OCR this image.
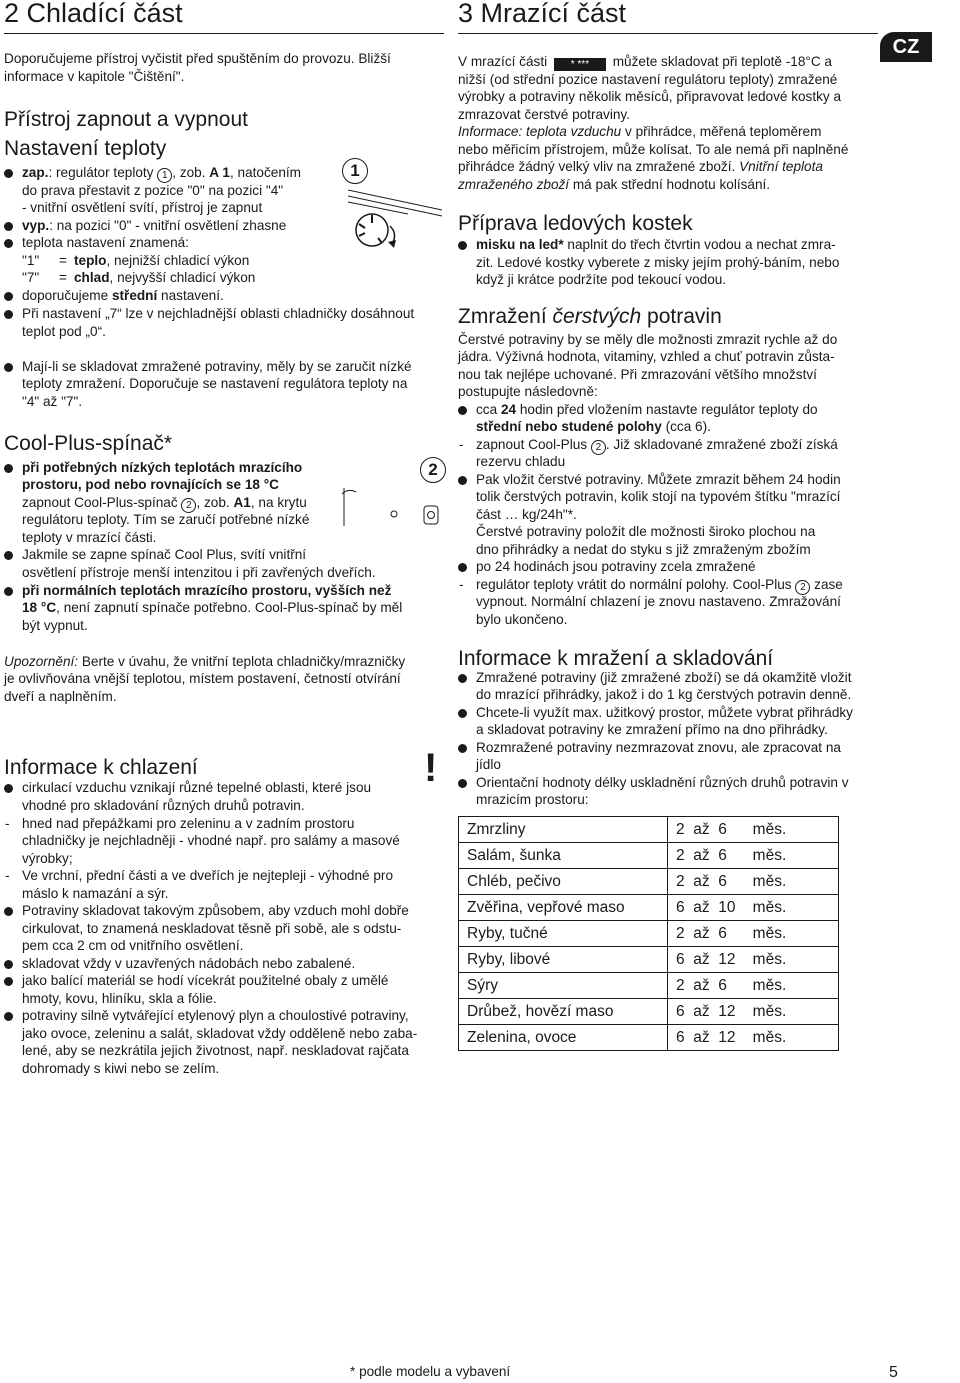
2 Chladící část
Doporučujeme přístroj vyčistit před spuštěním do provozu. Bližší informace v kapitole "Čištění".
Přístroj zapnout a vypnout
Nastavení teploty
1
zap.: regulátor teploty 1 , zob. A 1, natočením
do prava přestavit z pozice "0" na pozici "4"
- vnitřní osvětlení svítí, přístroj je zapnut
vyp.: na pozici "0" - vnitřní osvětlení zhasne
teplota nastavení znamená:
"1" = teplo, nejnižší chladicí výkon
"7" = chlad, nejvyšší chladicí výkon
doporučujeme střední nastavení.
Při nastavení „7“ lze v nejchladnější oblasti chladničky dosáhnout
teplot pod „0“.
Mají-li se skladovat zmražené potraviny, měly by se zaručit nízké
teploty zmražení. Doporučuje se nastavení regulátora teploty na
"4" až "7".
Cool-Plus-spínač*
2
při potřebných nízkých teplotách mrazícího
prostoru, pod nebo rovnajících se 18 °C
zapnout Cool-Plus-spínač 2 , zob. A1, na krytu
regulátoru teploty. Tím se zaručí potřebné nízké
teploty v mrazící části.
Jakmile se zapne spínač Cool Plus, svítí vnitřní
osvětlení přístroje menší intenzitou i při zavřených dveřích.
při normálních teplotách mrazícího prostoru, vyšších než
18 °C, není zapnutí spínače potřebno. Cool-Plus-spínač by měl
být vypnut.
Upozornění: Berte v úvahu, že vnitřní teplota chladničky/mrazničky
je ovlivňována vnější teplotou, místem postavení, četností otvírání
dveří a naplněním.
Informace k chlazení
cirkulací vzduchu vznikají různé tepelné oblasti, které jsou
vhodné pro skladování různých druhů potravin.
- hned nad přepážkami pro zeleninu a v zadním prostoru
chladničky je nejchladněji - vhodné např. pro salámy a masové
výrobky;
- Ve vrchní, přední části a ve dveřích je nejtepleji - výhodné pro
máslo k namazání a sýr.
Potraviny skladovat takovým způsobem, aby vzduch mohl dobře
cirkulovat, to znamená neskladovat těsně při sobě, ale s odstu-
pem cca 2 cm od vnitřního osvětlení.
skladovat vždy v uzavřených nádobách nebo zabalené.
jako balící materiál se hodí vícekrát použitelné obaly z umělé
hmoty, kovu, hliníku, skla a fólie.
potraviny silně vytvářející etylenový plyn a choulostivé potraviny,
jako ovoce, zeleninu a salát, skladovat vždy odděleně nebo zaba-
lené, aby se nezkrátila jejich životnost, např. neskladovat rajčata
dohromady s kiwi nebo se zelím.
!
3 Mrazící část
V mrazící části * *** můžete skladovat při teplotě -18°C a
nižší (od střední pozice nastavení regulátoru teploty) zmražené
výrobky a potraviny několik měsíců, připravovat ledové kostky a
zmrazovat čerstvé potraviny.
Informace: teplota vzduchu v přihrádce, měřená teploměrem
nebo měřicím přístrojem, může kolísat. To ale nemá při naplněné
přihrádce žádný velký vliv na zmražené zboží. Vnitřní teplota
zmraženého zboží má pak střední hodnotu kolísání.
Příprava ledových kostek
misku na led* naplnit do třech čtvrtin vodou a nechat zmra-
zit. Ledové kostky vyberete z misky jejím prohý-báním, nebo
když ji krátce podržíte pod tekoucí vodou.
Zmražení čerstvých potravin
Čerstvé potraviny by se měly dle možnosti zmrazit rychle až do
jádra. Výživná hodnota, vitaminy, vzhled a chuť potravin zůsta-
nou tak nejlépe uchované. Při zmrazování většího množství
postupujte následovně:
cca 24 hodin před vložením nastavte regulátor teploty do
střední nebo studené polohy (cca 6).
- zapnout Cool-Plus 2 . Již skladované zmražené zboží získá
rezervu chladu
Pak vložit čerstvé potraviny. Můžete zmrazit během 24 hodin
tolik čerstvých potravin, kolik stojí na typovém štítku "mrazící
část … kg/24h"*.
Čerstvé potraviny položit dle možnosti široko plochou na
dno přihrádky a nedat do styku s již zmraženým zbožím
po 24 hodinách jsou potraviny zcela zmražené
- regulátor teploty vrátit do normální polohy. Cool-Plus 2 zase
vypnout. Normální chlazení je znovu nastaveno. Zmražování
bylo ukončeno.
Informace k mražení a skladování
Zmražené potraviny (již zmražené zboží) se dá okamžitě vložit
do mrazící přihrádky, jakož i do 1 kg čerstvých potravin denně.
Chcete-li využít max. užitkový prostor, můžete vybrat přihrádky
a skladovat potraviny ke zmražení přímo na dno přihrádky.
Rozmražené potraviny nezmrazovat znovu, ale zpracovat na
jídlo
Orientační hodnoty délky uskladnění různých druhů potravin v
mrazicím prostoru:
CZ
Zmrzliny	2  až  6      měs.
Salám, šunka	2  až  6      měs.
Chléb, pečivo	2  až  6      měs.
Zvěřina, vepřové maso	6  až  10    měs.
Ryby, tučné	2  až  6      měs.
Ryby, libové	6  až  12    měs.
Sýry	2  až  6      měs.
Drůbež, hovězí maso	6  až  12    měs.
Zelenina, ovoce	6  až  12    měs.
* podle modelu a vybavení	5
